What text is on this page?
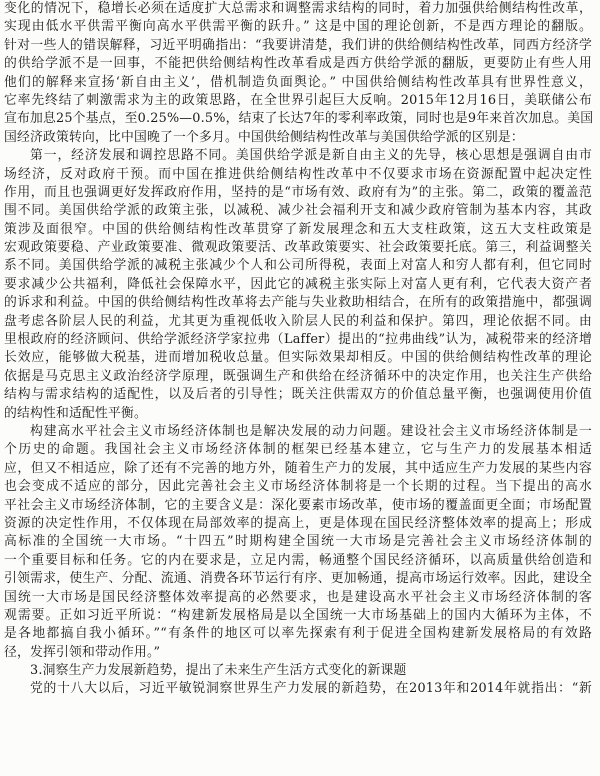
变化的情况下，稳增长必须在适度扩大总需求和调整需求结构的同时，着力加强供给侧结构性改革，
实现由低水平供需平衡向高水平供需平衡的跃升。” 这是中国的理论创新，不是西方理论的翻版。
针对一些人的错误解释，习近平明确指出：“我要讲清楚，我们讲的供给侧结构性改革，同西方经济学
的供给学派不是一回事，不能把供给侧结构性改革看成是西方供给学派的翻版，更要防止有些人用
他们的解释来宣扬‘新自由主义’，借机制造负面舆论。” 中国供给侧结构性改革具有世界性意义，
它率先终结了刺激需求为主的政策思路，在全世界引起巨大反响。2015年12月16日，美联储公布
宣布加息25个基点，至0.25%—0.5%，结束了长达7年的零利率政策，同时也是9年来首次加息。美国
国经济政策转向，比中国晚了一个多月。中国供给侧结构性改革与美国供给学派的区别是：
第一，经济发展和调控思路不同。美国供给学派是新自由主义的先导，核心思想是强调自由市
场经济，反对政府干预。而中国在推进供给侧结构性改革中不仅要求市场在资源配置中起决定性
作用，而且也强调更好发挥政府作用，坚持的是“市场有效、政府有为”的主张。第二，政策的覆盖范
围不同。美国供给学派的政策主张，以减税、减少社会福利开支和减少政府管制为基本内容，其政
策涉及面很窄。中国的供给侧结构性改革贯穿了新发展理念和五大支柱政策，这五大支柱政策是
宏观政策要稳、产业政策要准、微观政策要活、改革政策要实、社会政策要托底。第三，利益调整关
系不同。美国供给学派的减税主张减少个人和公司所得税，表面上对富人和穷人都有利，但它同时
要求减少公共福利，降低社会保障水平，因此它的减税主张实际上对富人更有利，它代表大资产者
的诉求和利益。中国的供给侧结构性改革将去产能与失业救助相结合，在所有的政策措施中，都强调
盘考虑各阶层人民的利益，尤其更为重视低收入阶层人民的利益和保护。第四，理论依据不同。由
里根政府的经济顾问、供给学派经济学家拉弗（Laffer）提出的“拉弗曲线”认为，减税带来的经济增
长效应，能够做大税基，进而增加税收总量。但实际效果却相反。中国的供给侧结构性改革的理论
依据是马克思主义政治经济学原理，既强调生产和供给在经济循环中的决定作用，也关注生产供给
结构与需求结构的适配性，以及后者的引导性；既关注供需双方的价值总量平衡，也强调使用价值
的结构性和适配性平衡。
构建高水平社会主义市场经济体制也是解决发展的动力问题。建设社会主义市场经济体制是一
个历史的命题。我国社会主义市场经济体制的框架已经基本建立，它与生产力的发展基本相适
应，但又不相适应，除了还有不完善的地方外，随着生产力的发展，其中适应生产力发展的某些内容
也会变成不适应的部分，因此完善社会主义市场经济体制将是一个长期的过程。当下提出的高水
平社会主义市场经济体制，它的主要含义是：深化要素市场改革，使市场的覆盖面更全面；市场配置
资源的决定性作用，不仅体现在局部效率的提高上，更是体现在国民经济整体效率的提高上；形成
高标准的全国统一大市场。“十四五”时期构建全国统一大市场是完善社会主义市场经济体制的
一个重要目标和任务。它的内在要求是，立足内需，畅通整个国民经济循环，以高质量供给创造和
引领需求，使生产、分配、流通、消费各环节运行有序、更加畅通，提高市场运行效率。因此，建设全
国统一大市场是国民经济整体效率提高的必然要求，也是建设高水平社会主义市场经济体制的客
观需要。正如习近平所说：“构建新发展格局是以全国统一大市场基础上的国内大循环为主体，不
是各地都搞自我小循环。”“有条件的地区可以率先探索有利于促进全国构建新发展格局的有效路
径，发挥引领和带动作用。”
3.洞察生产力发展新趋势，提出了未来生产生活方式变化的新课题
党的十八大以后，习近平敏锐洞察世界生产力发展的新趋势，在2013年和2014年就指出：“新
